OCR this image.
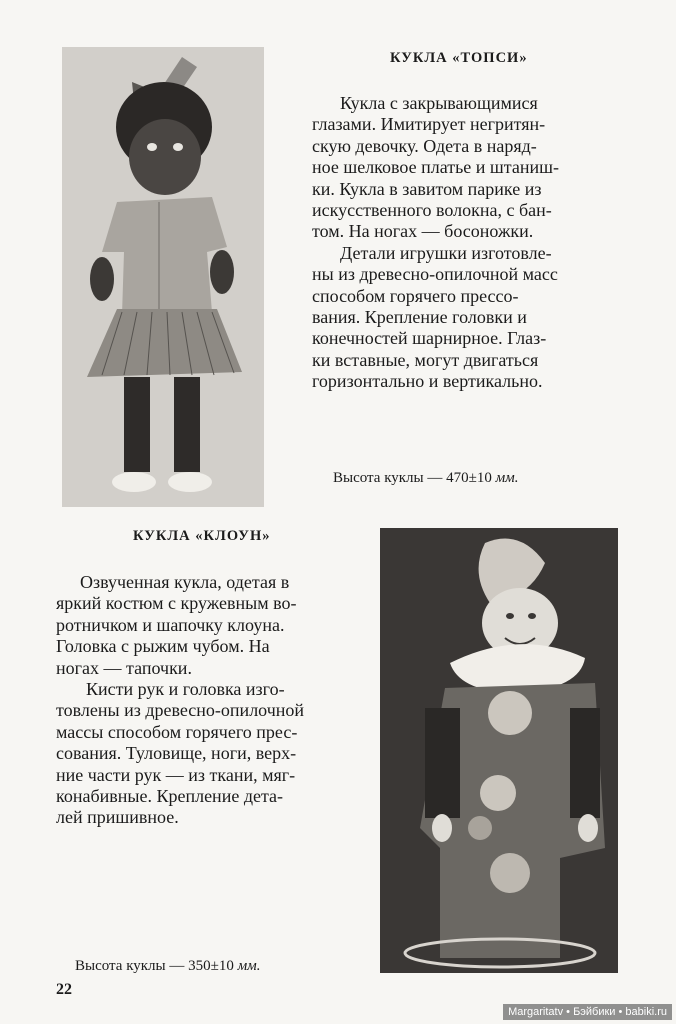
КУКЛА «ТОПСИ»
Кукла с закрывающимися
глазами. Имитирует негритян-
скую девочку. Одета в наряд-
ное шелковое платье и штаниш-
ки. Кукла в завитом парике из
искусственного волокна, с бан-
том. На ногах — босоножки.
Детали игрушки изготовле-
ны из древесно-опилочной масс
способом горячего прессо-
вания. Крепление головки и
конечностей шарнирное. Глаз-
ки вставные, могут двигаться
горизонтально и вертикально.
Высота куклы — 470±10 мм.
КУКЛА «КЛОУН»
Озвученная кукла, одетая в
яркий костюм с кружевным во-
ротничком и шапочку клоуна.
Головка с рыжим чубом. На
ногах — тапочки.
Кисти рук и головка изго-
товлены из древесно-опилочной
массы способом горячего прес-
сования. Туловище, ноги, верх-
ние части рук — из ткани, мяг-
конабивные. Крепление дета-
лей пришивное.
Высота куклы — 350±10 мм.
22
Margaritatv • Бэйбики • babiki.ru
